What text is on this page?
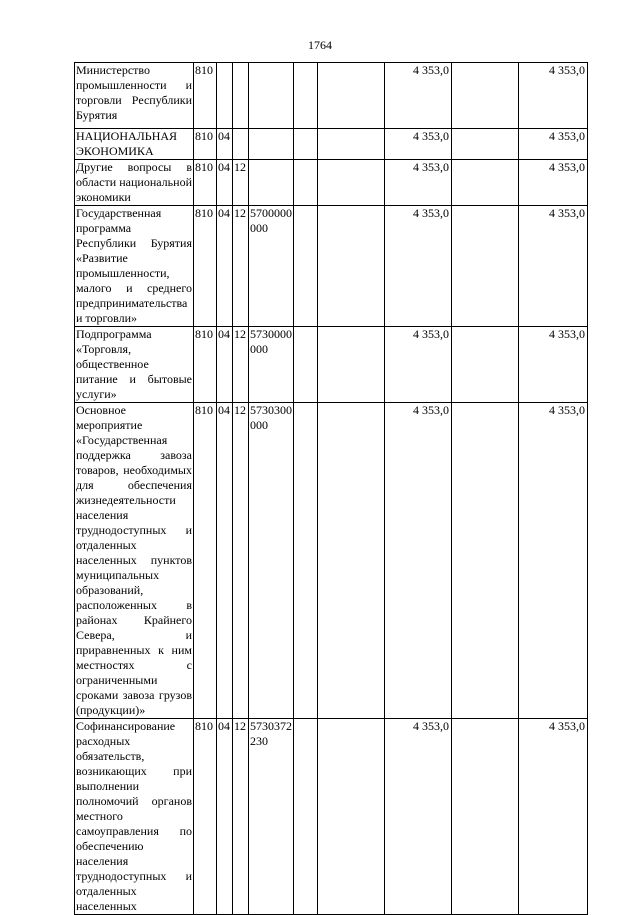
1764
Министерство промышленности и торговли Республики Бурятия	810						4 353,0		4 353,0
НАЦИОНАЛЬНАЯ ЭКОНОМИКА	810	04					4 353,0		4 353,0
Другие вопросы в области национальной экономики	810	04	12				4 353,0		4 353,0
Государственная программа Республики Бурятия «Развитие промышленности, малого и среднего предпринимательства и торговли»	810	04	12	5700000000			4 353,0		4 353,0
Подпрограмма «Торговля, общественное питание и бытовые услуги»	810	04	12	5730000000			4 353,0		4 353,0
Основное мероприятие «Государственная поддержка завоза товаров, необходимых для обеспечения жизнедеятельности населения труднодоступных и отдаленных населенных пунктов муниципальных образований, расположенных в районах Крайнего Севера, и приравненных к ним местностях с ограниченными сроками завоза грузов (продукции)»	810	04	12	5730300000			4 353,0		4 353,0
Софинансирование расходных обязательств, возникающих при выполнении полномочий органов местного самоуправления по обеспечению населения труднодоступных и отдаленных населенных	810	04	12	5730372230			4 353,0		4 353,0
